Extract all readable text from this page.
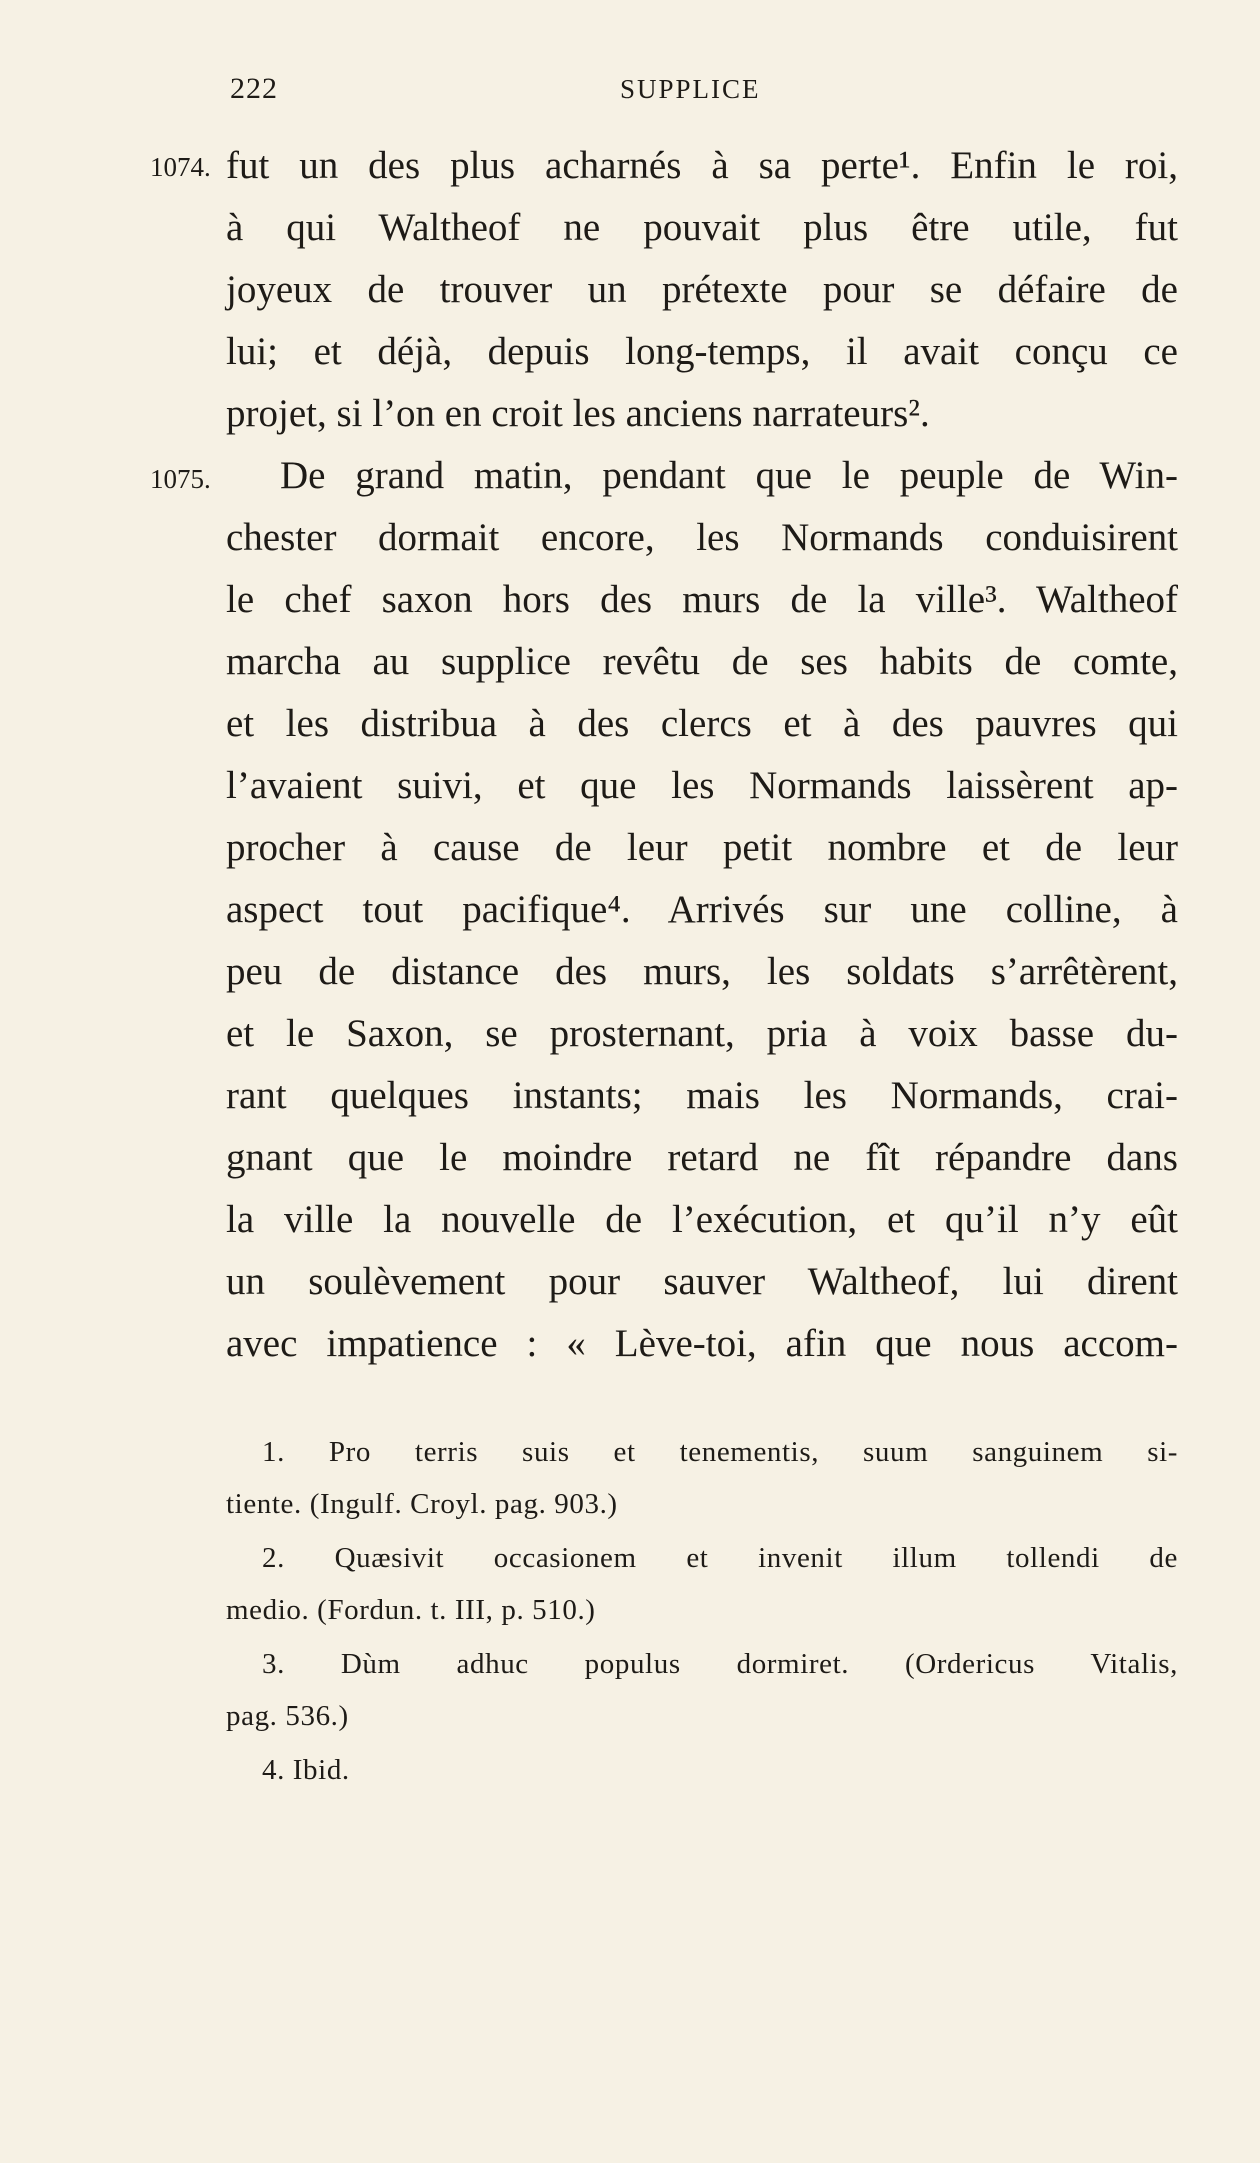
222	SUPPLICE
1074.
1075.
fut un des plus acharnés à sa perte¹. Enfin le roi,
à qui Waltheof ne pouvait plus être utile, fut
joyeux de trouver un prétexte pour se défaire de
lui; et déjà, depuis long-temps, il avait conçu ce
projet, si l’on en croit les anciens narrateurs².
De grand matin, pendant que le peuple de Win-
chester dormait encore, les Normands conduisirent
le chef saxon hors des murs de la ville³. Waltheof
marcha au supplice revêtu de ses habits de comte,
et les distribua à des clercs et à des pauvres qui
l’avaient suivi, et que les Normands laissèrent ap-
procher à cause de leur petit nombre et de leur
aspect tout pacifique⁴. Arrivés sur une colline, à
peu de distance des murs, les soldats s’arrêtèrent,
et le Saxon, se prosternant, pria à voix basse du-
rant quelques instants; mais les Normands, crai-
gnant que le moindre retard ne fît répandre dans
la ville la nouvelle de l’exécution, et qu’il n’y eût
un soulèvement pour sauver Waltheof, lui dirent
avec impatience : « Lève-toi, afin que nous accom-
1. Pro terris suis et tenementis, suum sanguinem si-
tiente. (Ingulf. Croyl. pag. 903.)
2. Quæsivit occasionem et invenit illum tollendi de
medio. (Fordun. t. III, p. 510.)
3. Dùm adhuc populus dormiret. (Ordericus Vitalis,
pag. 536.)
4. Ibid.
